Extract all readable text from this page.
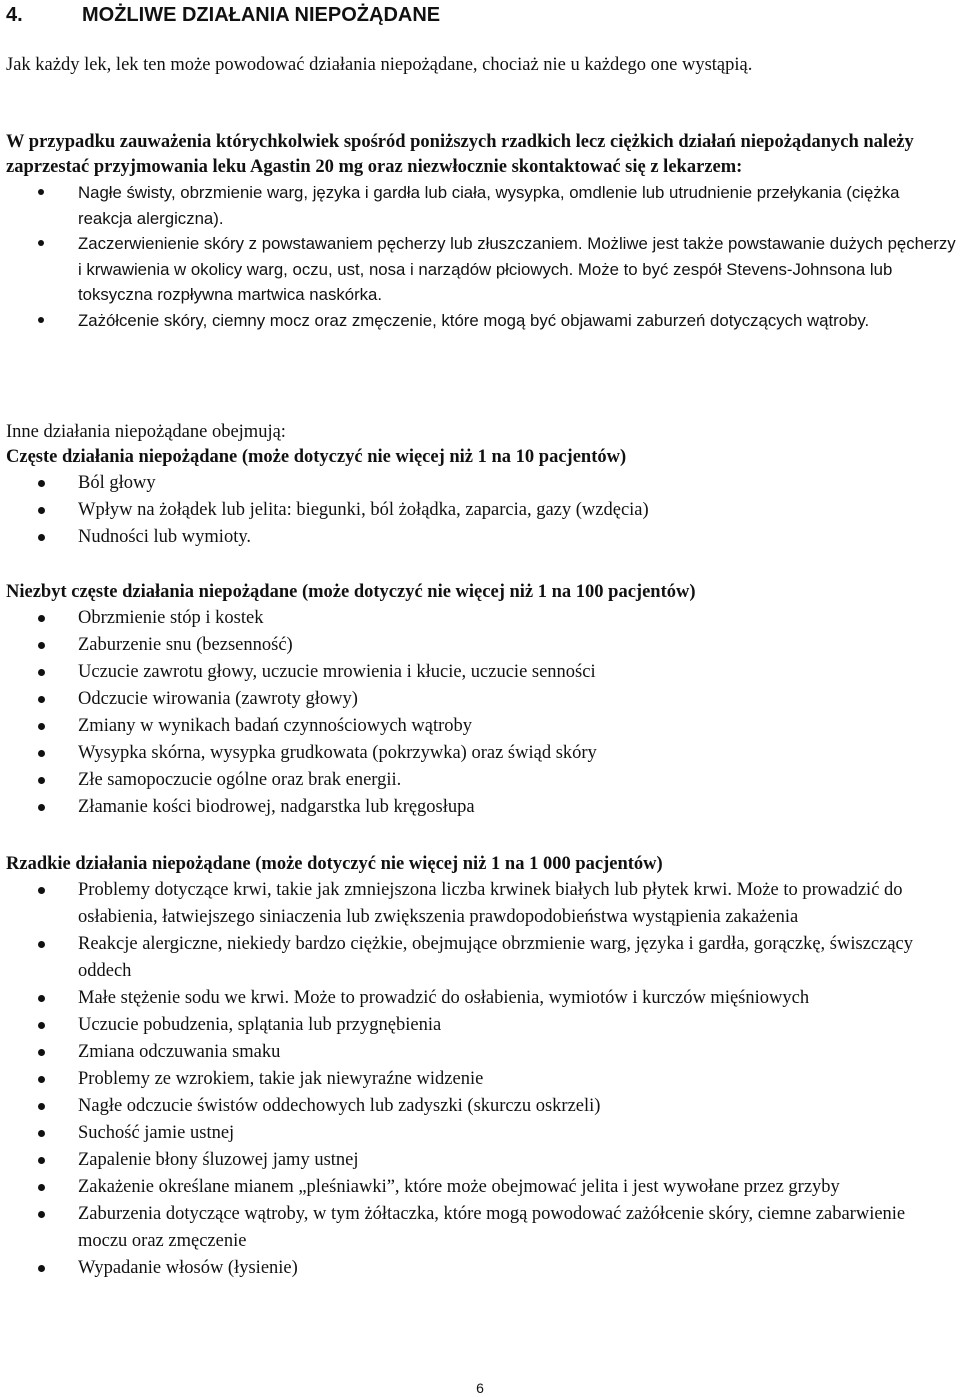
4.	MOŻLIWE DZIAŁANIA NIEPOŻĄDANE

Jak każdy lek, lek ten może powodować działania niepożądane, chociaż nie u każdego one wystąpią.

W przypadku zauważenia którychkolwiek spośród poniższych rzadkich lecz ciężkich działań niepożądanych należy zaprzestać przyjmowania leku Agastin 20 mg oraz niezwłocznie skontaktować się z lekarzem:

Nagłe świsty, obrzmienie warg, języka i gardła lub ciała, wysypka, omdlenie lub utrudnienie przełykania (ciężka reakcja alergiczna).
Zaczerwienienie skóry z powstawaniem pęcherzy lub złuszczaniem. Możliwe jest także powstawanie dużych pęcherzy i krwawienia w okolicy warg, oczu, ust, nosa i narządów płciowych. Może to być zespół Stevens-Johnsona lub toksyczna rozpływna martwica naskórka.
Zażółcenie skóry, ciemny mocz oraz zmęczenie, które mogą być objawami zaburzeń dotyczących wątroby.

Inne działania niepożądane obejmują:

Częste działania niepożądane (może dotyczyć nie więcej niż 1 na 10 pacjentów)

Ból głowy
Wpływ na żołądek lub jelita: biegunki, ból żołądka, zaparcia, gazy (wzdęcia)
Nudności lub wymioty.

Niezbyt częste działania niepożądane (może dotyczyć nie więcej niż 1 na 100 pacjentów)

Obrzmienie stóp i kostek
Zaburzenie snu (bezsenność)
Uczucie zawrotu głowy, uczucie mrowienia i kłucie, uczucie senności
Odczucie wirowania (zawroty głowy)
Zmiany w wynikach badań czynnościowych wątroby
Wysypka skórna, wysypka grudkowata (pokrzywka) oraz świąd skóry
Złe samopoczucie ogólne oraz brak energii.
Złamanie kości biodrowej, nadgarstka lub kręgosłupa

Rzadkie działania niepożądane (może dotyczyć nie więcej niż 1 na 1 000 pacjentów)

Problemy dotyczące krwi, takie jak zmniejszona liczba krwinek białych lub płytek krwi. Może to prowadzić do osłabienia, łatwiejszego siniaczenia lub zwiększenia prawdopodobieństwa wystąpienia zakażenia
Reakcje alergiczne, niekiedy bardzo ciężkie, obejmujące obrzmienie warg, języka i gardła, gorączkę, świszczący oddech
Małe stężenie sodu we krwi. Może to prowadzić do osłabienia, wymiotów i kurczów mięśniowych
Uczucie pobudzenia, splątania lub przygnębienia
Zmiana odczuwania smaku
Problemy ze wzrokiem, takie jak niewyraźne widzenie
Nagłe odczucie świstów oddechowych lub zadyszki (skurczu oskrzeli)
Suchość jamie ustnej
Zapalenie błony śluzowej jamy ustnej
Zakażenie określane mianem „pleśniawki”, które może obejmować jelita i jest wywołane przez grzyby
Zaburzenia dotyczące wątroby, w tym żółtaczka, które mogą powodować zażółcenie skóry, ciemne zabarwienie moczu oraz zmęczenie
Wypadanie włosów (łysienie)
6
